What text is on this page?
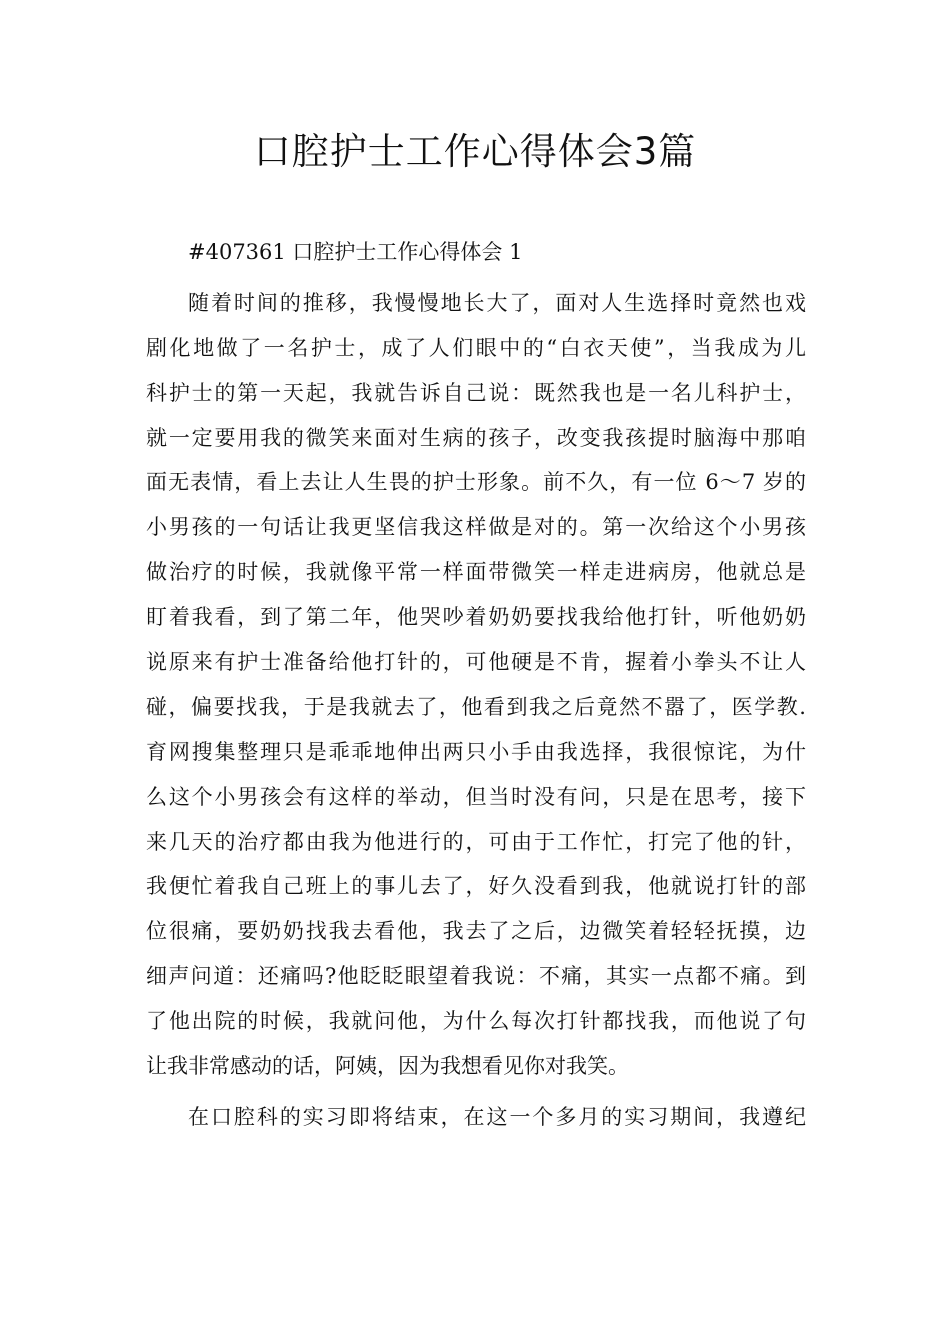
口腔护士工作心得体会3篇
#407361 口腔护士工作心得体会 1
随着时间的推移，我慢慢地长大了，面对人生选择时竟然也戏
剧化地做了一名护士，成了人们眼中的“白衣天使”，当我成为儿
科护士的第一天起，我就告诉自己说：既然我也是一名儿科护士，
就一定要用我的微笑来面对生病的孩子，改变我孩提时脑海中那咱
面无表情，看上去让人生畏的护士形象。前不久，有一位 6～7 岁的
小男孩的一句话让我更坚信我这样做是对的。第一次给这个小男孩
做治疗的时候，我就像平常一样面带微笑一样走进病房，他就总是
盯着我看，到了第二年，他哭吵着奶奶要找我给他打针，听他奶奶
说原来有护士准备给他打针的，可他硬是不肯，握着小拳头不让人
碰，偏要找我，于是我就去了，他看到我之后竟然不嚣了，医学教.
育网搜集整理只是乖乖地伸出两只小手由我选择，我很惊诧，为什
么这个小男孩会有这样的举动，但当时没有问，只是在思考，接下
来几天的治疗都由我为他进行的，可由于工作忙，打完了他的针，
我便忙着我自己班上的事儿去了，好久没看到我，他就说打针的部
位很痛，要奶奶找我去看他，我去了之后，边微笑着轻轻抚摸，边
细声问道：还痛吗?他眨眨眼望着我说：不痛，其实一点都不痛。到
了他出院的时候，我就问他，为什么每次打针都找我，而他说了句
让我非常感动的话，阿姨，因为我想看见你对我笑。
在口腔科的实习即将结束，在这一个多月的实习期间，我遵纪
